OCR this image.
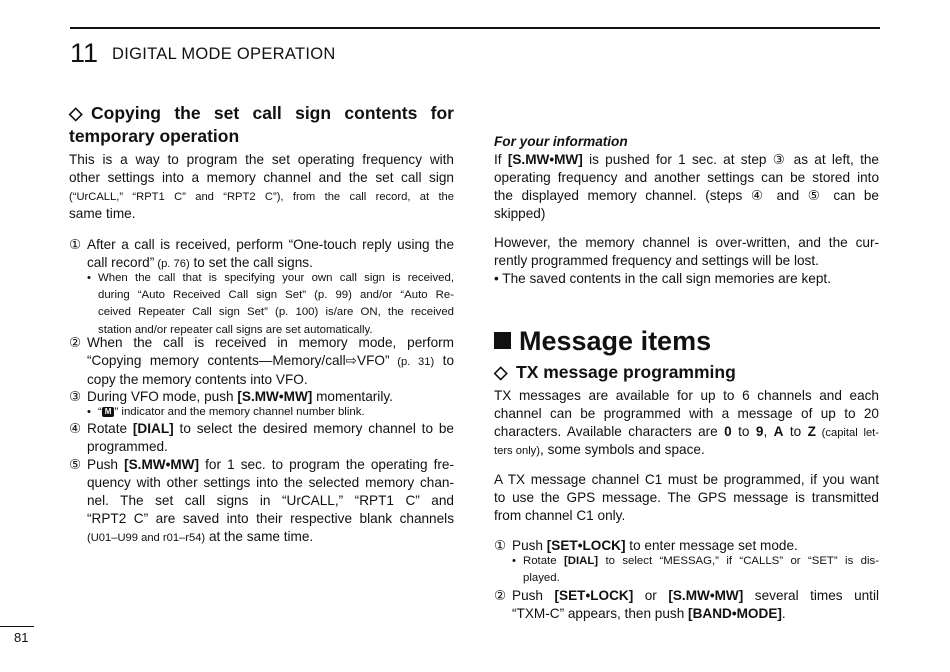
11 DIGITAL MODE OPERATION
◇ Copying the set call sign contents for
temporary operation
This is a way to program the set operating frequency with
other settings into a memory channel and the set call sign
(“UrCALL,” “RPT1 C” and “RPT2 C”), from the call record, at the
same time.
① After a call is received, perform “One-touch reply using the
call record” (p. 76) to set the call signs.
• When the call that is specifying your own call sign is received,
during “Auto Received Call sign Set” (p. 99) and/or “Auto Re-
ceived Repeater Call sign Set” (p. 100) is/are ON, the received
station and/or repeater call signs are set automatically.
② When the call is received in memory mode, perform
“Copying memory contents—Memory/call⇨VFO” (p. 31) to
copy the memory contents into VFO.
③ During VFO mode, push [S.MW•MW] momentarily.
• “ M ” indicator and the memory channel number blink.
④ Rotate [DIAL] to select the desired memory channel to be
programmed.
⑤ Push [S.MW•MW] for 1 sec. to program the operating fre-
quency with other settings into the selected memory chan-
nel. The set call signs in “UrCALL,” “RPT1 C” and
“RPT2 C” are saved into their respective blank channels
(U01–U99 and r01–r54) at the same time.
For your information
If [S.MW•MW] is pushed for 1 sec. at step ③ as at left, the
operating frequency and another settings can be stored into
the displayed memory channel. (steps ④ and ⑤ can be
skipped)
However, the memory channel is over-written, and the cur-
rently programmed frequency and settings will be lost.
• The saved contents in the call sign memories are kept.
Message items
◇ TX message programming
TX messages are available for up to 6 channels and each
channel can be programmed with a message of up to 20
characters. Available characters are 0 to 9, A to Z (capital let-
ters only), some symbols and space.
A TX message channel C1 must be programmed, if you want
to use the GPS message. The GPS message is transmitted
from channel C1 only.
① Push [SET•LOCK] to enter message set mode.
• Rotate [DIAL] to select “MESSAG,” if “CALLS” or “SET” is dis-
played.
② Push [SET•LOCK] or [S.MW•MW] several times until
“TXM-C” appears, then push [BAND•MODE].
81
